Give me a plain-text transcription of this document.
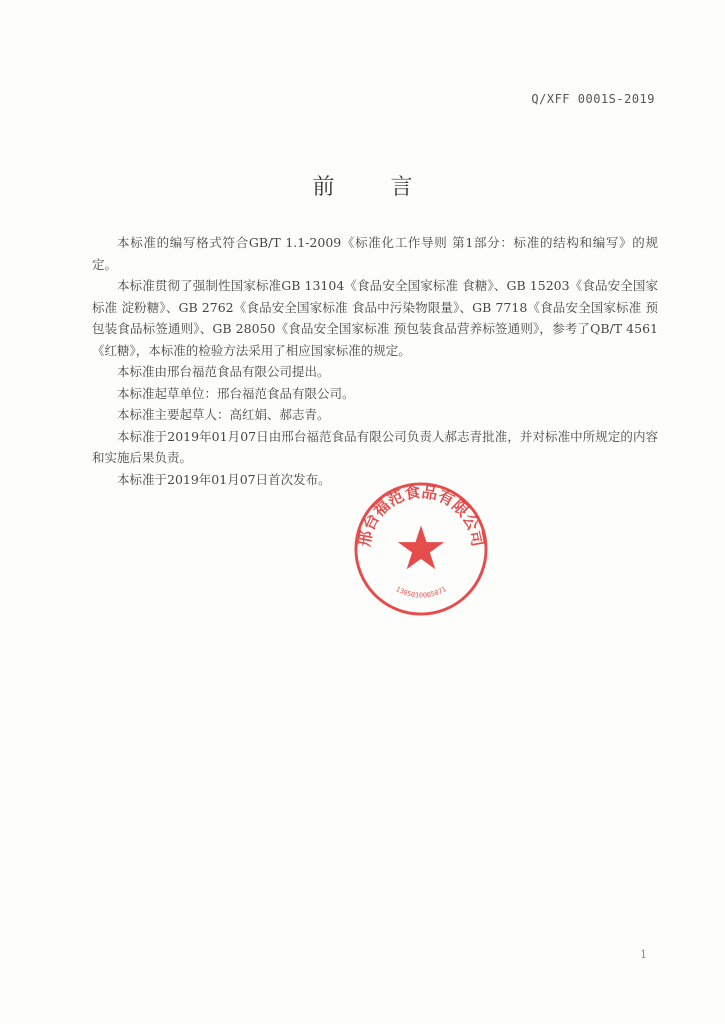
Q/XFF 0001S-2019
前言

本标准的编写格式符合GB/T 1.1-2009《标准化工作导则 第1部分：标准的结构和编写》的规定。

本标准贯彻了强制性国家标准GB 13104《食品安全国家标准 食糖》、GB 15203《食品安全国家标准 淀粉糖》、GB 2762《食品安全国家标准 食品中污染物限量》、GB 7718《食品安全国家标准 预包装食品标签通则》、GB 28050《食品安全国家标准 预包装食品营养标签通则》，参考了QB/T 4561《红糖》，本标准的检验方法采用了相应国家标准的规定。

本标准由邢台福范食品有限公司提出。

本标准起草单位：邢台福范食品有限公司。

本标准主要起草人：高红娟、郝志青。

本标准于2019年01月07日由邢台福范食品有限公司负责人郝志青批准，并对标准中所规定的内容和实施后果负责。

本标准于2019年01月07日首次发布。

邢台福范食品有限公司
1305010005071
1
